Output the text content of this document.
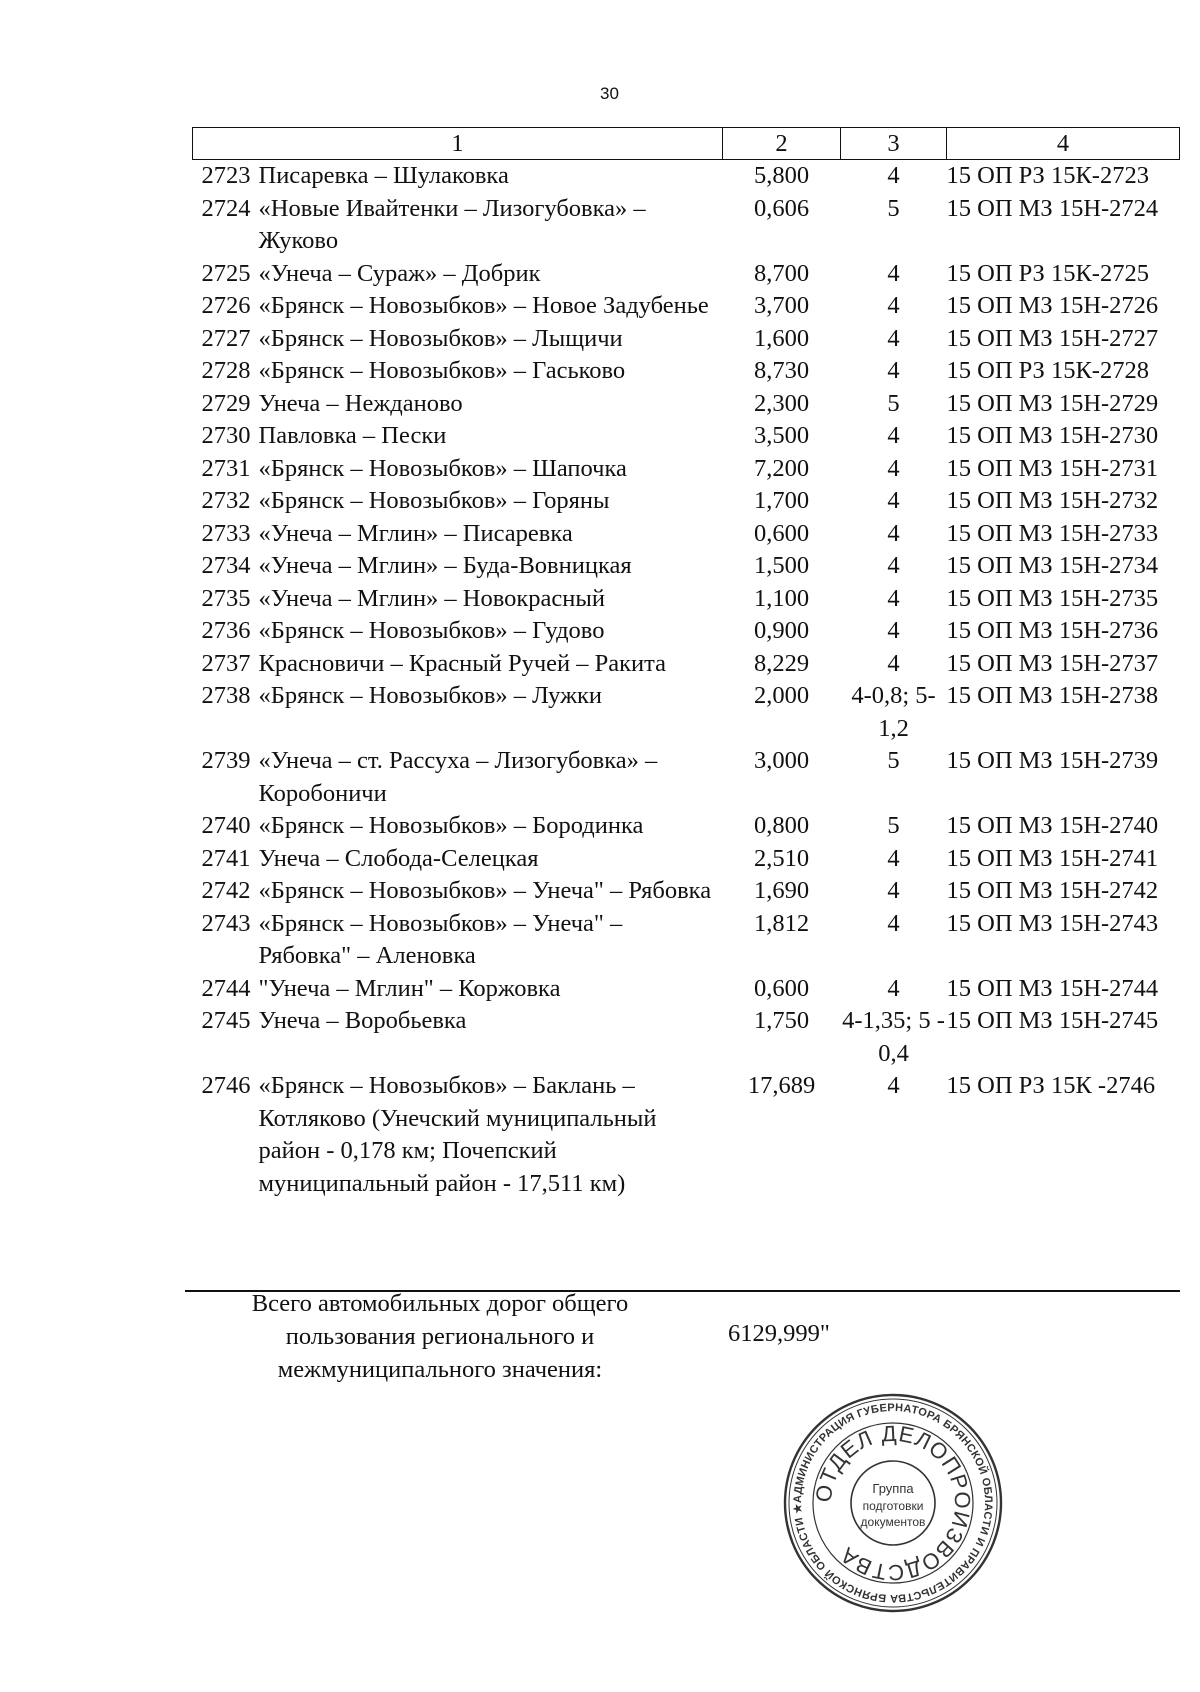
30
1	2	3	4

2723 Писаревка – Шулаковка	5,800	4	15 ОП РЗ 15К-2723

2724 «Новые Ивайтенки – Лизогубовка» – Жуково
0,606	5	15 ОП МЗ 15Н-2724

2725 «Унеча – Сураж» – Добрик	8,700	4	15 ОП РЗ 15К-2725

2726 «Брянск – Новозыбков» – Новое Задубенье	3,700	4	15 ОП МЗ 15Н-2726

2727 «Брянск – Новозыбков» – Лыщичи	1,600	4	15 ОП МЗ 15Н-2727

2728 «Брянск – Новозыбков» – Гаськово	8,730	4	15 ОП РЗ 15К-2728

2729 Унеча – Нежданово	2,300	5	15 ОП МЗ 15Н-2729

2730 Павловка – Пески	3,500	4	15 ОП МЗ 15Н-2730

2731 «Брянск – Новозыбков» – Шапочка	7,200	4	15 ОП МЗ 15Н-2731

2732 «Брянск – Новозыбков» – Горяны	1,700	4	15 ОП МЗ 15Н-2732

2733 «Унеча – Мглин» – Писаревка	0,600	4	15 ОП МЗ 15Н-2733

2734 «Унеча – Мглин» – Буда-Вовницкая	1,500	4	15 ОП МЗ 15Н-2734

2735 «Унеча – Мглин» – Новокрасный	1,100	4	15 ОП МЗ 15Н-2735

2736 «Брянск – Новозыбков» – Гудово	0,900	4	15 ОП МЗ 15Н-2736

2737 Красновичи – Красный Ручей – Ракита	8,229	4	15 ОП МЗ 15Н-2737

2738 «Брянск – Новозыбков» – Лужки	2,000	4-0,8; 5-1,2	15 ОП МЗ 15Н-2738

2739 «Унеча – ст. Рассуха – Лизогубовка» – Коробоничи
3,000	5	15 ОП МЗ 15Н-2739

2740 «Брянск – Новозыбков» – Бородинка	0,800	5	15 ОП МЗ 15Н-2740

2741 Унеча – Слобода-Селецкая	2,510	4	15 ОП МЗ 15Н-2741

2742 «Брянск – Новозыбков» – Унеча" – Рябовка	1,690	4	15 ОП МЗ 15Н-2742

2743 «Брянск – Новозыбков» – Унеча" – Рябовка" – Аленовка
1,812	4	15 ОП МЗ 15Н-2743

2744 "Унеча – Мглин" – Коржовка	0,600	4	15 ОП МЗ 15Н-2744

2745 Унеча – Воробьевка	1,750	4-1,35; 5 - 0,4	15 ОП МЗ 15Н-2745

2746 «Брянск – Новозыбков» – Баклань – Котляково (Унечский муниципальный район - 0,178 км; Почепский муниципальный район - 17,511 км)
17,689	4	15 ОП РЗ 15К -2746
Всего автомобильных дорог общего пользования регионального и межмуниципального значения:
6129,999"
АДМИНИСТРАЦИЯ ГУБЕРНАТОРА БРЯНСКОЙ ОБЛАСТИ И ПРАВИТЕЛЬСТВА БРЯНСКОЙ ОБЛАСТИ ★
ОТДЕЛ ДЕЛОПРОИЗВОДСТВА
Группа
подготовки
документов
